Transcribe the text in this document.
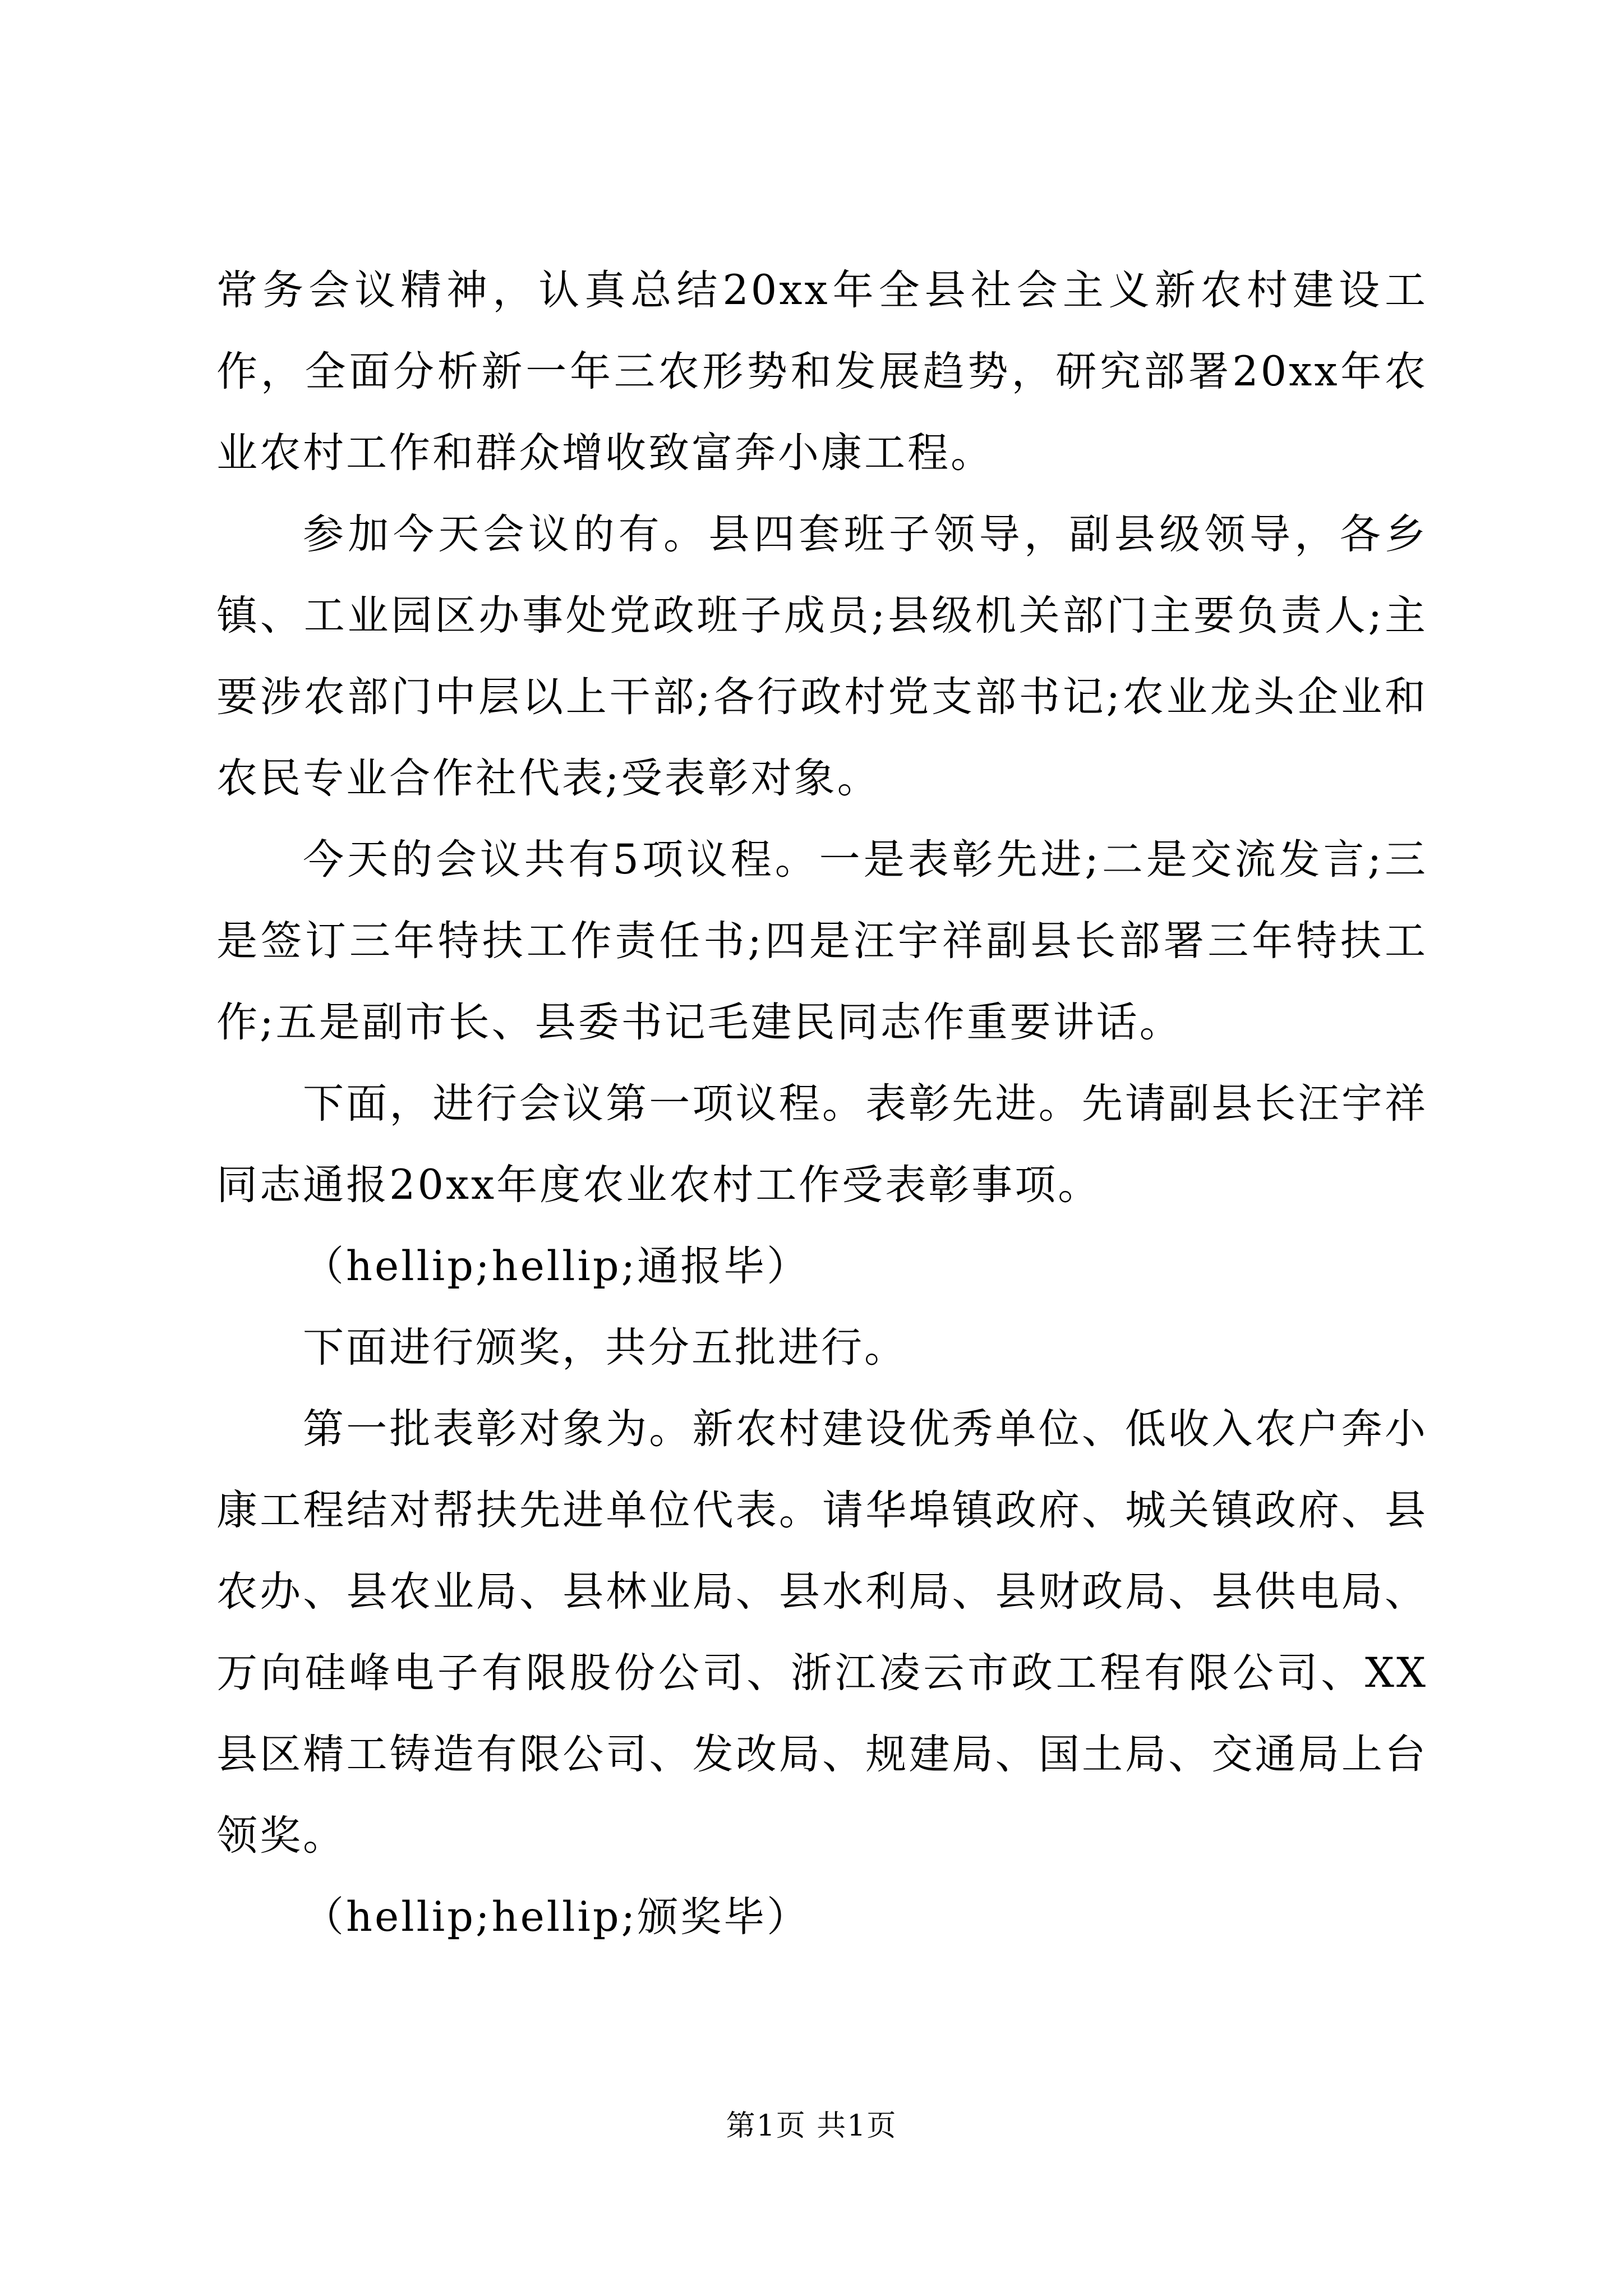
常务会议精神，认真总结20xx年全县社会主义新农村建设工作，全面分析新一年三农形势和发展趋势，研究部署20xx年农业农村工作和群众增收致富奔小康工程。

参加今天会议的有。县四套班子领导，副县级领导，各乡镇、工业园区办事处党政班子成员;县级机关部门主要负责人;主要涉农部门中层以上干部;各行政村党支部书记;农业龙头企业和农民专业合作社代表;受表彰对象。

今天的会议共有5项议程。一是表彰先进;二是交流发言;三是签订三年特扶工作责任书;四是汪宇祥副县长部署三年特扶工作;五是副市长、县委书记毛建民同志作重要讲话。

下面，进行会议第一项议程。表彰先进。先请副县长汪宇祥同志通报20xx年度农业农村工作受表彰事项。

（hellip;hellip;通报毕）

下面进行颁奖，共分五批进行。

第一批表彰对象为。新农村建设优秀单位、低收入农户奔小康工程结对帮扶先进单位代表。请华埠镇政府、城关镇政府、县农办、县农业局、县林业局、县水利局、县财政局、县供电局、万向硅峰电子有限股份公司、浙江凌云市政工程有限公司、XX县区精工铸造有限公司、发改局、规建局、国土局、交通局上台领奖。

（hellip;hellip;颁奖毕）

第1页 共1页
